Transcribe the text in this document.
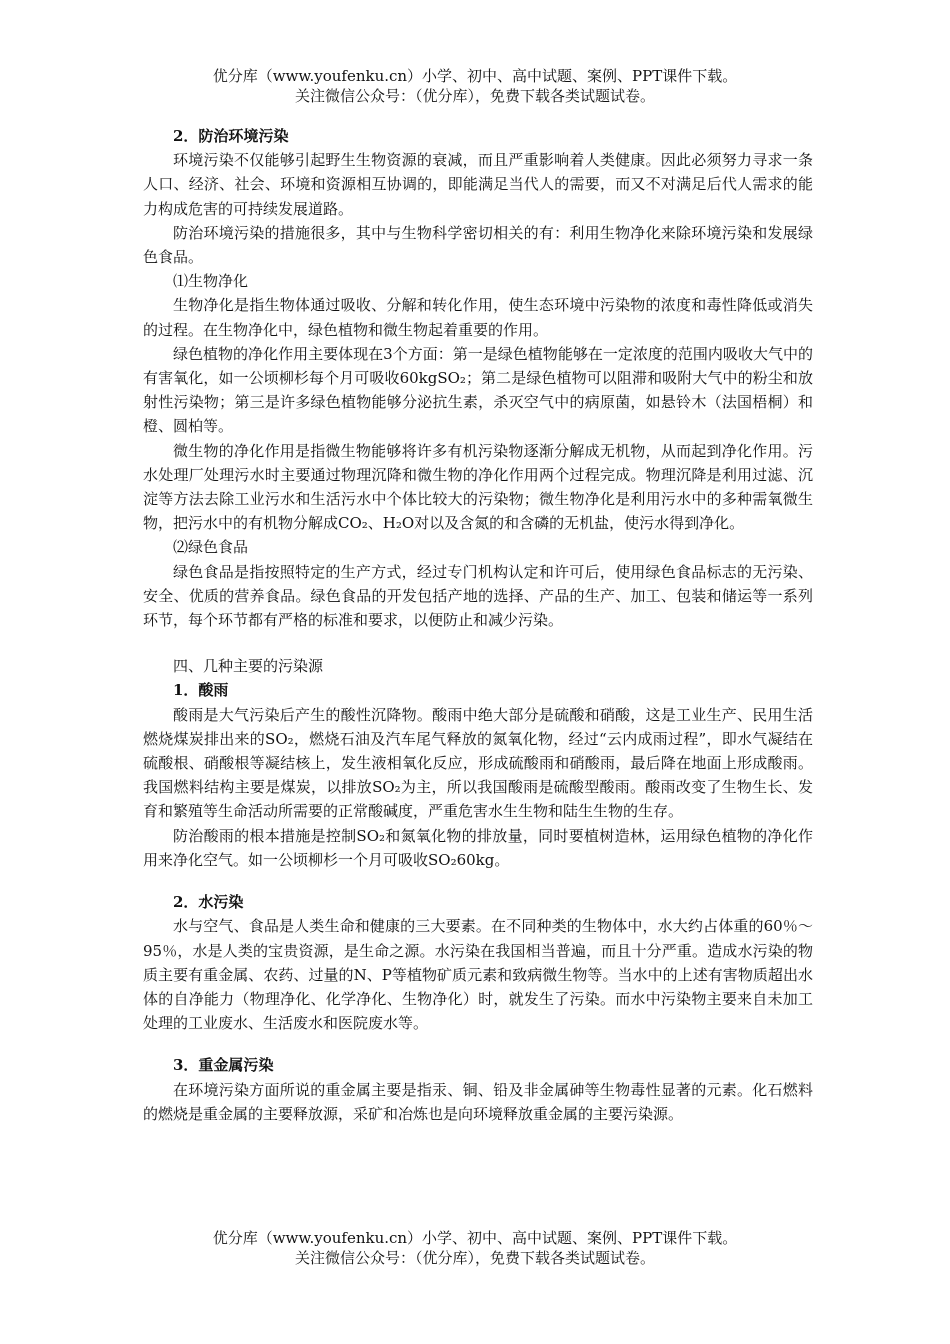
优分库（www.youfenku.cn）小学、初中、高中试题、案例、PPT课件下载。
关注微信公众号：（优分库），免费下载各类试题试卷。
2．防治环境污染

环境污染不仅能够引起野生生物资源的衰减，而且严重影响着人类健康。因此必须努力寻求一条人口、经济、社会、环境和资源相互协调的，即能满足当代人的需要，而又不对满足后代人需求的能力构成危害的可持续发展道路。

防治环境污染的措施很多，其中与生物科学密切相关的有：利用生物净化来除环境污染和发展绿色食品。

⑴生物净化

生物净化是指生物体通过吸收、分解和转化作用，使生态环境中污染物的浓度和毒性降低或消失的过程。在生物净化中，绿色植物和微生物起着重要的作用。

绿色植物的净化作用主要体现在3个方面：第一是绿色植物能够在一定浓度的范围内吸收大气中的有害氧化，如一公顷柳杉每个月可吸收60kgSO₂；第二是绿色植物可以阻滞和吸附大气中的粉尘和放射性污染物；第三是许多绿色植物能够分泌抗生素，杀灭空气中的病原菌，如悬铃木（法国梧桐）和橙、圆柏等。

微生物的净化作用是指微生物能够将许多有机污染物逐渐分解成无机物，从而起到净化作用。污水处理厂处理污水时主要通过物理沉降和微生物的净化作用两个过程完成。物理沉降是利用过滤、沉淀等方法去除工业污水和生活污水中个体比较大的污染物；微生物净化是利用污水中的多种需氧微生物，把污水中的有机物分解成CO₂、H₂O对以及含氮的和含磷的无机盐，使污水得到净化。

⑵绿色食品

绿色食品是指按照特定的生产方式，经过专门机构认定和许可后，使用绿色食品标志的无污染、安全、优质的营养食品。绿色食品的开发包括产地的选择、产品的生产、加工、包装和储运等一系列环节，每个环节都有严格的标准和要求，以便防止和减少污染。

四、几种主要的污染源
1．酸雨

酸雨是大气污染后产生的酸性沉降物。酸雨中绝大部分是硫酸和硝酸，这是工业生产、民用生活燃烧煤炭排出来的SO₂，燃烧石油及汽车尾气释放的氮氧化物，经过“云内成雨过程”，即水气凝结在硫酸根、硝酸根等凝结核上，发生液相氧化反应，形成硫酸雨和硝酸雨，最后降在地面上形成酸雨。我国燃料结构主要是煤炭，以排放SO₂为主，所以我国酸雨是硫酸型酸雨。酸雨改变了生物生长、发育和繁殖等生命活动所需要的正常酸碱度，严重危害水生生物和陆生生物的生存。

防治酸雨的根本措施是控制SO₂和氮氧化物的排放量，同时要植树造林，运用绿色植物的净化作用来净化空气。如一公顷柳杉一个月可吸收SO₂60kg。

2．水污染

水与空气、食品是人类生命和健康的三大要素。在不同种类的生物体中，水大约占体重的60％～95％，水是人类的宝贵资源，是生命之源。水污染在我国相当普遍，而且十分严重。造成水污染的物质主要有重金属、农药、过量的N、P等植物矿质元素和致病微生物等。当水中的上述有害物质超出水体的自净能力（物理净化、化学净化、生物净化）时，就发生了污染。而水中污染物主要来自未加工处理的工业废水、生活废水和医院废水等。

3．重金属污染

在环境污染方面所说的重金属主要是指汞、铜、铅及非金属砷等生物毒性显著的元素。化石燃料的燃烧是重金属的主要释放源，采矿和冶炼也是向环境释放重金属的主要污染源。

优分库（www.youfenku.cn）小学、初中、高中试题、案例、PPT课件下载。
关注微信公众号：（优分库），免费下载各类试题试卷。
